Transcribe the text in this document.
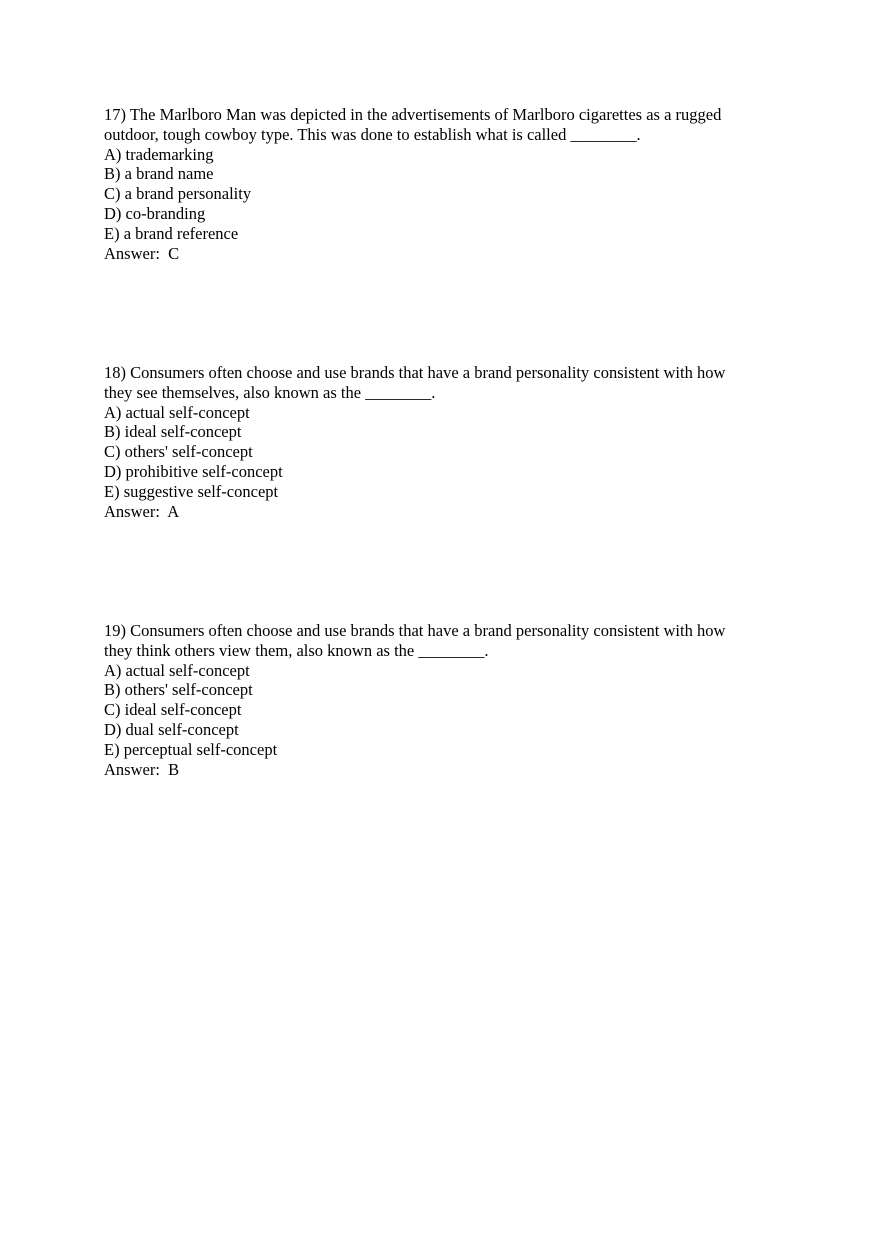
17) The Marlboro Man was depicted in the advertisements of Marlboro cigarettes as a rugged
outdoor, tough cowboy type. This was done to establish what is called ________.
A) trademarking
B) a brand name
C) a brand personality
D) co-branding
E) a brand reference
Answer:  C
18) Consumers often choose and use brands that have a brand personality consistent with how
they see themselves, also known as the ________.
A) actual self-concept
B) ideal self-concept
C) others' self-concept
D) prohibitive self-concept
E) suggestive self-concept
Answer:  A
19) Consumers often choose and use brands that have a brand personality consistent with how
they think others view them, also known as the ________.
A) actual self-concept
B) others' self-concept
C) ideal self-concept
D) dual self-concept
E) perceptual self-concept
Answer:  B
